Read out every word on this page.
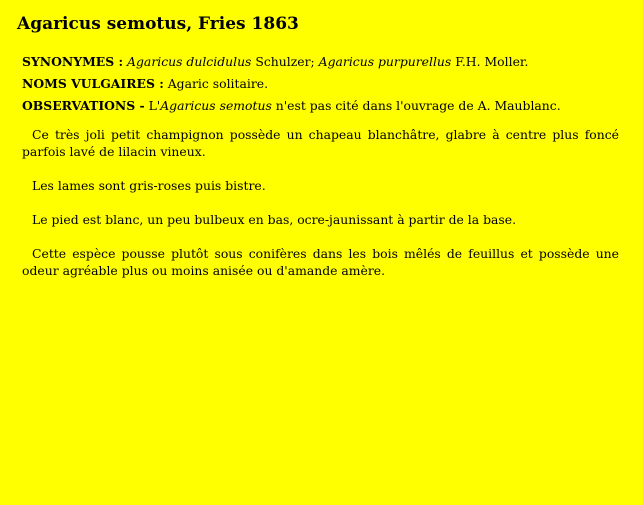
Agaricus semotus, Fries 1863
SYNONYMES : Agaricus dulcidulus Schulzer; Agaricus purpurellus F.H. Moller.
NOMS VULGAIRES : Agaric solitaire.
OBSERVATIONS - L'Agaricus semotus n'est pas cité dans l'ouvrage de A. Maublanc.

Ce très joli petit champignon possède un chapeau blanchâtre, glabre à centre plus foncé parfois lavé de lilacin vineux.

Les lames sont gris-roses puis bistre.

Le pied est blanc, un peu bulbeux en bas, ocre-jaunissant à partir de la base.

Cette espèce pousse plutôt sous conifères dans les bois mêlés de feuillus et possède une odeur agréable plus ou moins anisée ou d'amande amère.
